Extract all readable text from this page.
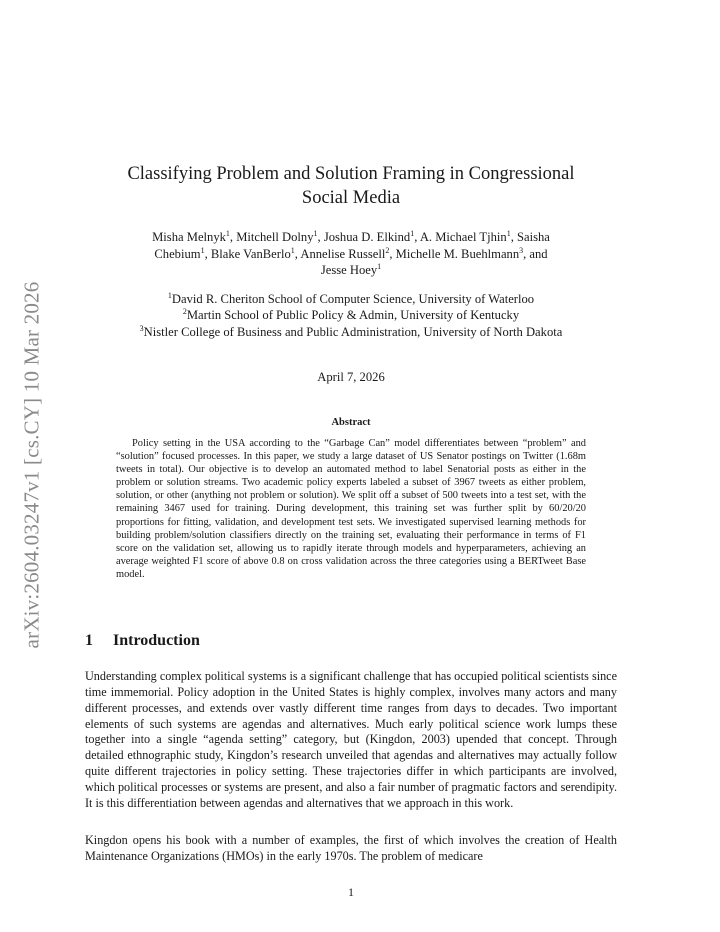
arXiv:2604.03247v1 [cs.CY] 10 Mar 2026
Classifying Problem and Solution Framing in Congressional
Social Media
Misha Melnyk$^1$, Mitchell Dolny$^1$, Joshua D. Elkind$^1$, A. Michael Tjhin$^1$, Saisha
Chebium$^1$, Blake VanBerlo$^1$, Annelise Russell$^2$, Michelle M. Buehlmann$^3$, and
Jesse Hoey$^1$
$^1$David R. Cheriton School of Computer Science, University of Waterloo
$^2$Martin School of Public Policy & Admin, University of Kentucky
$^3$Nistler College of Business and Public Administration, University of North Dakota
April 7, 2026
Abstract

Policy setting in the USA according to the “Garbage Can” model differentiates between “problem” and “solution” focused processes. In this paper, we study a large dataset of US Senator postings on Twitter (1.68m tweets in total). Our objective is to develop an automated method to label Senatorial posts as either in the problem or solution streams. Two academic policy experts labeled a subset of 3967 tweets as either problem, solution, or other (anything not problem or solution). We split off a subset of 500 tweets into a test set, with the remaining 3467 used for training. During development, this training set was further split by 60/20/20 proportions for fitting, validation, and development test sets. We investigated supervised learning methods for building problem/solution classifiers directly on the training set, evaluating their performance in terms of F1 score on the validation set, allowing us to rapidly iterate through models and hyperparameters, achieving an average weighted F1 score of above 0.8 on cross validation across the three categories using a BERTweet Base model.

1 Introduction

Understanding complex political systems is a significant challenge that has occupied political scientists since time immemorial. Policy adoption in the United States is highly complex, involves many actors and many different processes, and extends over vastly different time ranges from days to decades. Two important elements of such systems are agendas and alternatives. Much early political science work lumps these together into a single “agenda setting” category, but (Kingdon, 2003) upended that concept. Through detailed ethnographic study, Kingdon’s research unveiled that agendas and alternatives may actually follow quite different trajectories in policy setting. These trajectories differ in which participants are involved, which political processes or systems are present, and also a fair number of pragmatic factors and serendipity. It is this differentiation between agendas and alternatives that we approach in this work.

Kingdon opens his book with a number of examples, the first of which involves the creation of Health Maintenance Organizations (HMOs) in the early 1970s. The problem of medicare

1
